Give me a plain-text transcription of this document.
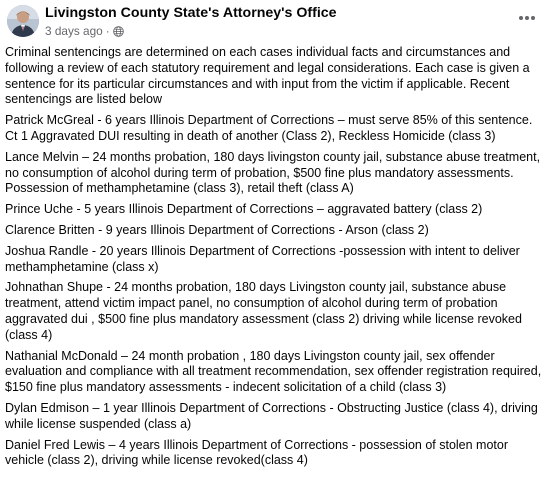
Livingston County State's Attorney's Office
3 days ago ·

Criminal sentencings are determined on each cases individual facts and circumstances and following a review of each statutory requirement and legal considerations. Each case is given a sentence for its particular circumstances and with input from the victim if applicable. Recent sentencings are listed below

Patrick McGreal - 6 years Illinois Department of Corrections – must serve 85% of this sentence. Ct 1 Aggravated DUI resulting in death of another (Class 2), Reckless Homicide (class 3)

Lance Melvin – 24 months probation, 180 days livingston county jail, substance abuse treatment, no consumption of alcohol during term of probation, $500 fine plus mandatory assessments. Possession of methamphetamine (class 3), retail theft (class A)

Prince Uche - 5 years Illinois Department of Corrections – aggravated battery (class 2)

Clarence Britten - 9 years Illinois Department of Corrections - Arson (class 2)

Joshua Randle - 20 years Illinois Department of Corrections -possession with intent to deliver methamphetamine (class x)

Johnathan Shupe - 24 months probation, 180 days Livingston county jail, substance abuse treatment, attend victim impact panel, no consumption of alcohol during term of probation aggravated dui , $500 fine plus mandatory assessment (class 2) driving while license revoked (class 4)

Nathanial McDonald – 24 month probation , 180 days Livingston county jail, sex offender evaluation and compliance with all treatment recommendation, sex offender registration required, $150 fine plus mandatory assessments - indecent solicitation of a child (class 3)

Dylan Edmison – 1 year Illinois Department of Corrections - Obstructing Justice (class 4), driving while license suspended (class a)

Daniel Fred Lewis – 4 years Illinois Department of Corrections - possession of stolen motor vehicle (class 2), driving while license revoked(class 4)
